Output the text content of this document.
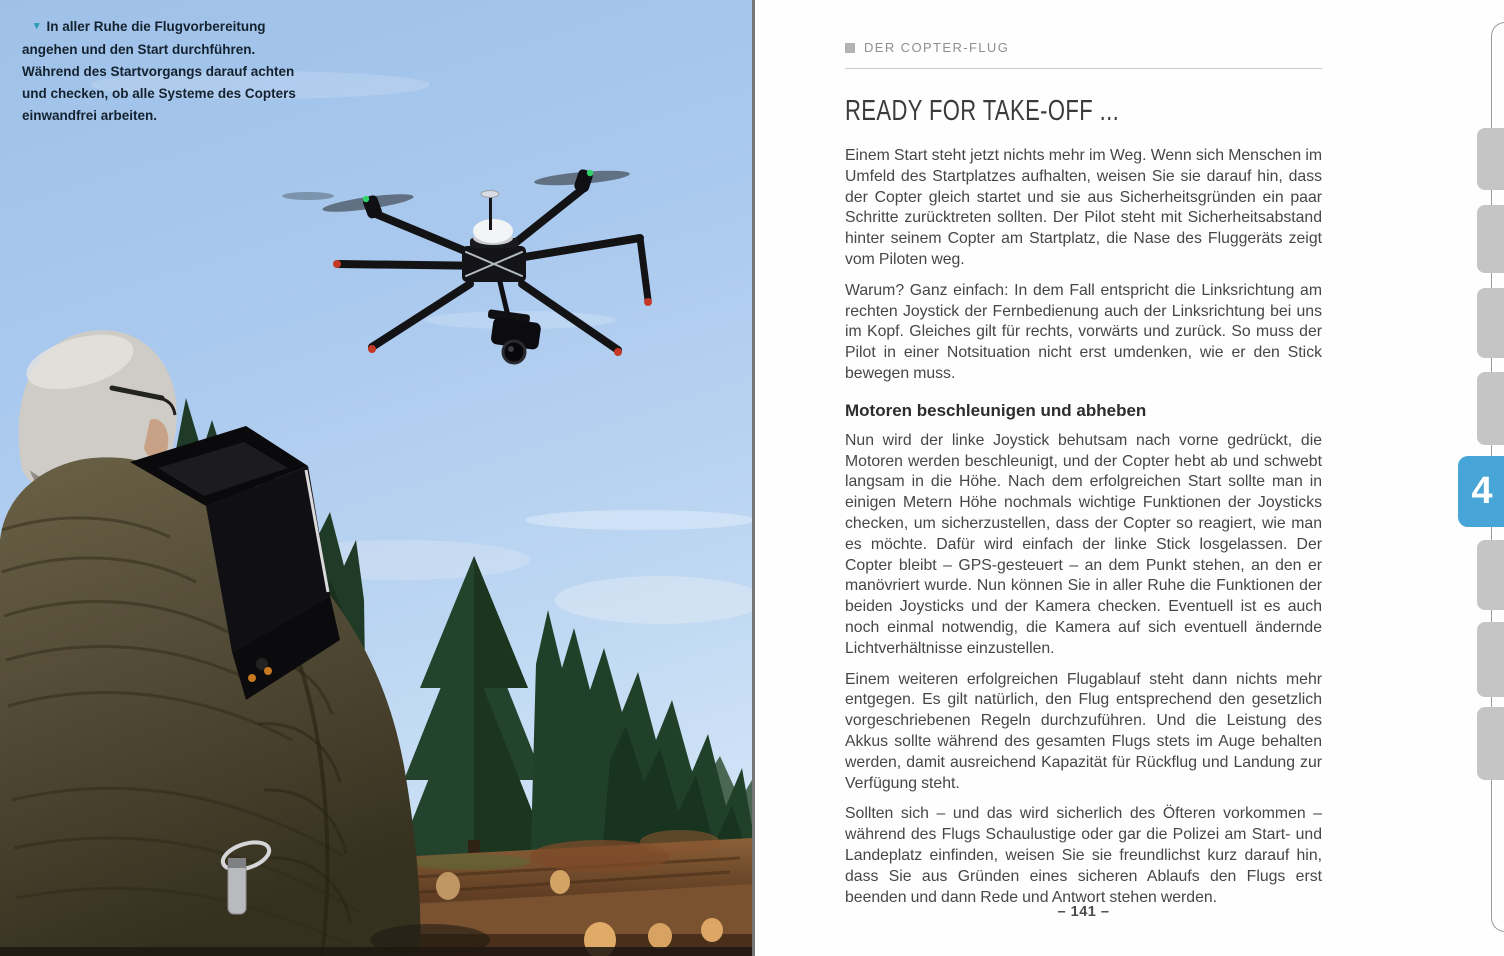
▾ In aller Ruhe die Flugvorbereitung angehen und den Start durchführen. Während des Startvorgangs darauf achten und checken, ob alle Systeme des Copters einwandfrei arbeiten.
DER COPTER-FLUG
READY FOR TAKE-OFF ...

Einem Start steht jetzt nichts mehr im Weg. Wenn sich Menschen im Umfeld des Startplatzes aufhalten, weisen Sie sie darauf hin, dass der Copter gleich startet und sie aus Sicherheitsgründen ein paar Schritte zurücktreten sollten. Der Pilot steht mit Sicherheitsabstand hinter seinem Copter am Startplatz, die Nase des Fluggeräts zeigt vom Piloten weg.

Warum? Ganz einfach: In dem Fall entspricht die Linksrichtung am rechten Joystick der Fernbedienung auch der Linksrichtung bei uns im Kopf. Gleiches gilt für rechts, vorwärts und zurück. So muss der Pilot in einer Notsituation nicht erst umdenken, wie er den Stick bewegen muss.

Motoren beschleunigen und abheben

Nun wird der linke Joystick behutsam nach vorne gedrückt, die Motoren werden beschleunigt, und der Copter hebt ab und schwebt langsam in die Höhe. Nach dem erfolgreichen Start sollte man in einigen Metern Höhe nochmals wichtige Funktionen der Joysticks checken, um sicherzustellen, dass der Copter so reagiert, wie man es möchte. Dafür wird einfach der linke Stick losgelassen. Der Copter bleibt – GPS-gesteuert – an dem Punkt stehen, an den er manövriert wurde. Nun können Sie in aller Ruhe die Funktionen der beiden Joysticks und der Kamera checken. Eventuell ist es auch noch einmal notwendig, die Kamera auf sich eventuell ändernde Lichtverhältnisse einzustellen.

Einem weiteren erfolgreichen Flugablauf steht dann nichts mehr entgegen. Es gilt natürlich, den Flug entsprechend den gesetzlich vorgeschriebenen Regeln durchzuführen. Und die Leistung des Akkus sollte während des gesamten Flugs stets im Auge behalten werden, damit ausreichend Kapazität für Rückflug und Landung zur Verfügung steht.

Sollten sich – und das wird sicherlich des Öfteren vorkommen – während des Flugs Schaulustige oder gar die Polizei am Start- und Landeplatz einfinden, weisen Sie sie freundlichst kurz darauf hin, dass Sie aus Gründen eines sicheren Ablaufs den Flugs erst beenden und dann Rede und Antwort stehen werden.

– 141 –
4
